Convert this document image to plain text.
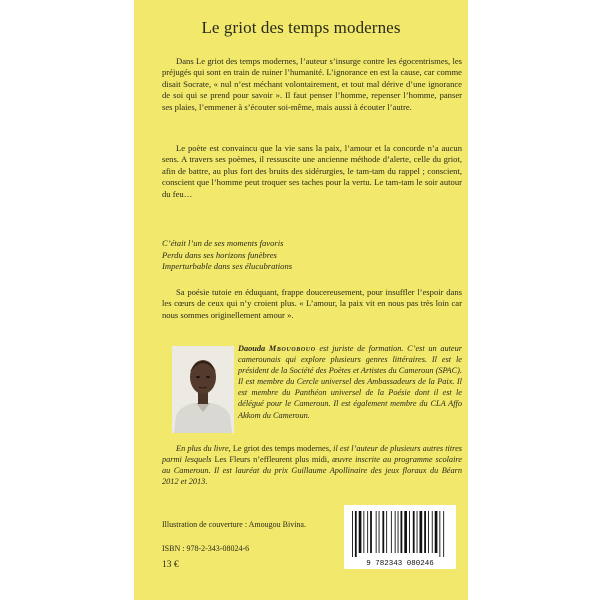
Le griot des temps modernes

Dans Le griot des temps modernes, l’auteur s’insurge contre les égocentrismes, les préjugés qui sont en train de ruiner l’humanité. L’ignorance en est la cause, car comme disait Socrate, « nul n’est méchant volontairement, et tout mal dérive d’une ignorance de soi qui se prend pour savoir ». Il faut penser l’homme, repenser l’homme, panser ses plaies, l’emmener à s’écouter soi-même, mais aussi à écouter l’autre.

Le poète est convaincu que la vie sans la paix, l’amour et la concorde n’a aucun sens. A travers ses poèmes, il ressuscite une ancienne méthode d’alerte, celle du griot, afin de battre, au plus fort des bruits des sidérurgies, le tam-tam du rappel ; conscient, conscient que l’homme peut troquer ses taches pour la vertu. Le tam-tam le soir autour du feu…

C’était l’un de ses moments favoris
Perdu dans ses horizons funèbres
Imperturbable dans ses élucubrations

Sa poésie tutoie en éduquant, frappe doucereusement, pour insuffler l’espoir dans les cœurs de ceux qui n’y croient plus. « L’amour, la paix vit en nous pas très loin car nous sommes originellement amour ».

Daouda Mbouobouo est juriste de formation. C’est un auteur camerounais qui explore plusieurs genres littéraires. Il est le président de la Société des Poètes et Artistes du Cameroun (SPAC). Il est membre du Cercle universel des Ambassadeurs de la Paix. Il est membre du Panthéon universel de la Poésie dont il est le délégué pour le Cameroun. Il est également membre du CLA Affo Akkom du Cameroun.
En plus du livre, Le griot des temps modernes, il est l’auteur de plusieurs autres titres parmi lesquels Les Fleurs n’effleurent plus midi, œuvre inscrite au programme scolaire au Cameroun. Il est lauréat du prix Guillaume Apollinaire des jeux floraux du Béarn 2012 et 2013.
Illustration de couverture : Amougou Bivina.
ISBN : 978-2-343-08024-6
13 €	9 782343 080246
